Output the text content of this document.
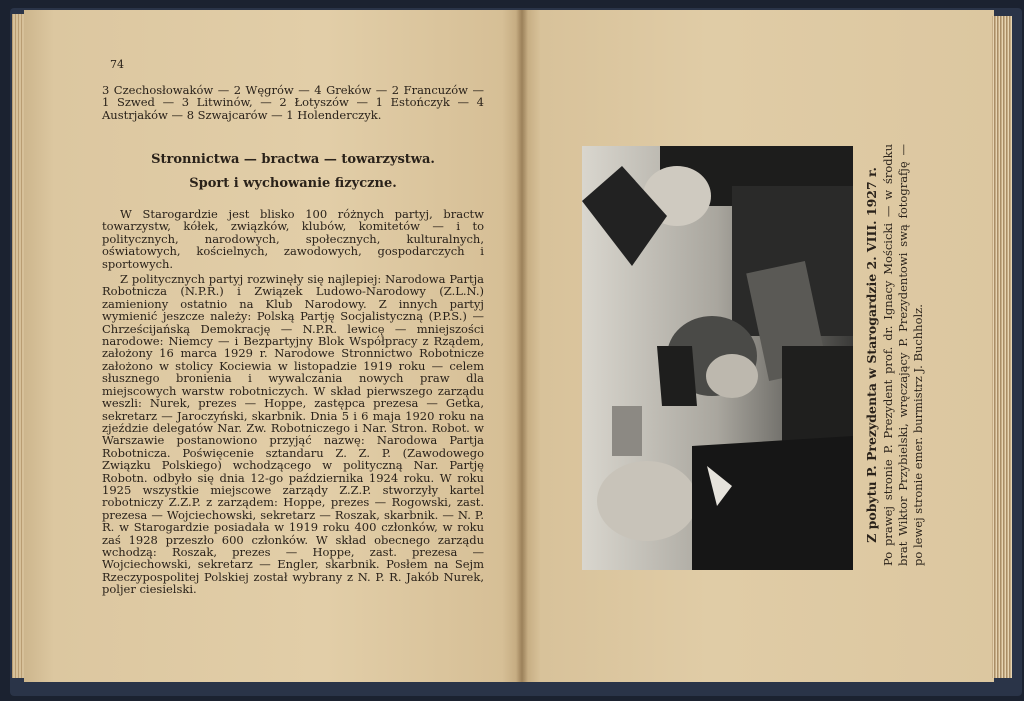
74

3 Czechosłowaków — 2 Węgrów — 4 Greków — 2 Francuzów — 1 Szwed — 3 Litwinów, — 2 Łotyszów — 1 Estończyk — 4 Austrjaków — 8 Szwajcarów — 1 Holenderczyk.

Stronnictwa — bractwa — towarzystwa.
Sport i wychowanie fizyczne.

W Starogardzie jest blisko 100 różnych partyj, bractw towarzystw, kółek, związków, klubów, komitetów — i to politycznych, narodowych, społecznych, kulturalnych, oświatowych, kościelnych, zawodowych, gospodarczych i sportowych.

Z politycznych partyj rozwinęły się najlepiej: Narodowa Partja Robotnicza (N.P.R.) i Związek Ludowo-Narodowy (Z.L.N.) zamieniony ostatnio na Klub Narodowy. Z innych partyj wymienić jeszcze należy: Polską Partję Socjalistyczną (P.P.S.) — Chrześcijańską Demokrację — N.P.R. lewicę — mniejszości narodowe: Niemcy — i Bezpartyjny Blok Współpracy z Rządem, założony 16 marca 1929 r. Narodowe Stronnictwo Robotnicze założono w stolicy Kociewia w listopadzie 1919 roku — celem słusznego bronienia i wywalczania nowych praw dla miejscowych warstw robotniczych. W skład pierwszego zarządu weszli: Nurek, prezes — Hoppe, zastępca prezesa — Getka, sekretarz — Jaroczyński, skarbnik. Dnia 5 i 6 maja 1920 roku na zjeździe delegatów Nar. Zw. Robotniczego i Nar. Stron. Robot. w Warszawie postanowiono przyjąć nazwę: Narodowa Partja Robotnicza. Poświęcenie sztandaru Z. Z. P. (Zawodowego Związku Polskiego) wchodzącego w polityczną Nar. Partję Robotn. odbyło się dnia 12-go października 1924 roku. W roku 1925 wszystkie miejscowe zarządy Z.Z.P. stworzyły kartel robotniczy Z.Z.P. z zarządem: Hoppe, prezes — Rogowski, zast. prezesa — Wojciechowski, sekretarz — Roszak, skarbnik. — N. P. R. w Starogardzie posiadała w 1919 roku 400 członków, w roku zaś 1928 przeszło 600 członków. W skład obecnego zarządu wchodzą: Roszak, prezes — Hoppe, zast. prezesa — Wojciechowski, sekretarz — Engler, skarbnik. Posłem na Sejm Rzeczypospolitej Polskiej został wybrany z N. P. R. Jakób Nurek, poljer ciesielski.

Z pobytu P. Prezydenta w Starogardzie 2. VIII. 1927 r. Po prawej stronie P. Prezydent prof. dr. Ignacy Mościcki — w środku brat Wiktor Przybielski, wręczający P. Prezydentowi swą fotografję — po lewej stronie emer. burmistrz J. Buchholz.
